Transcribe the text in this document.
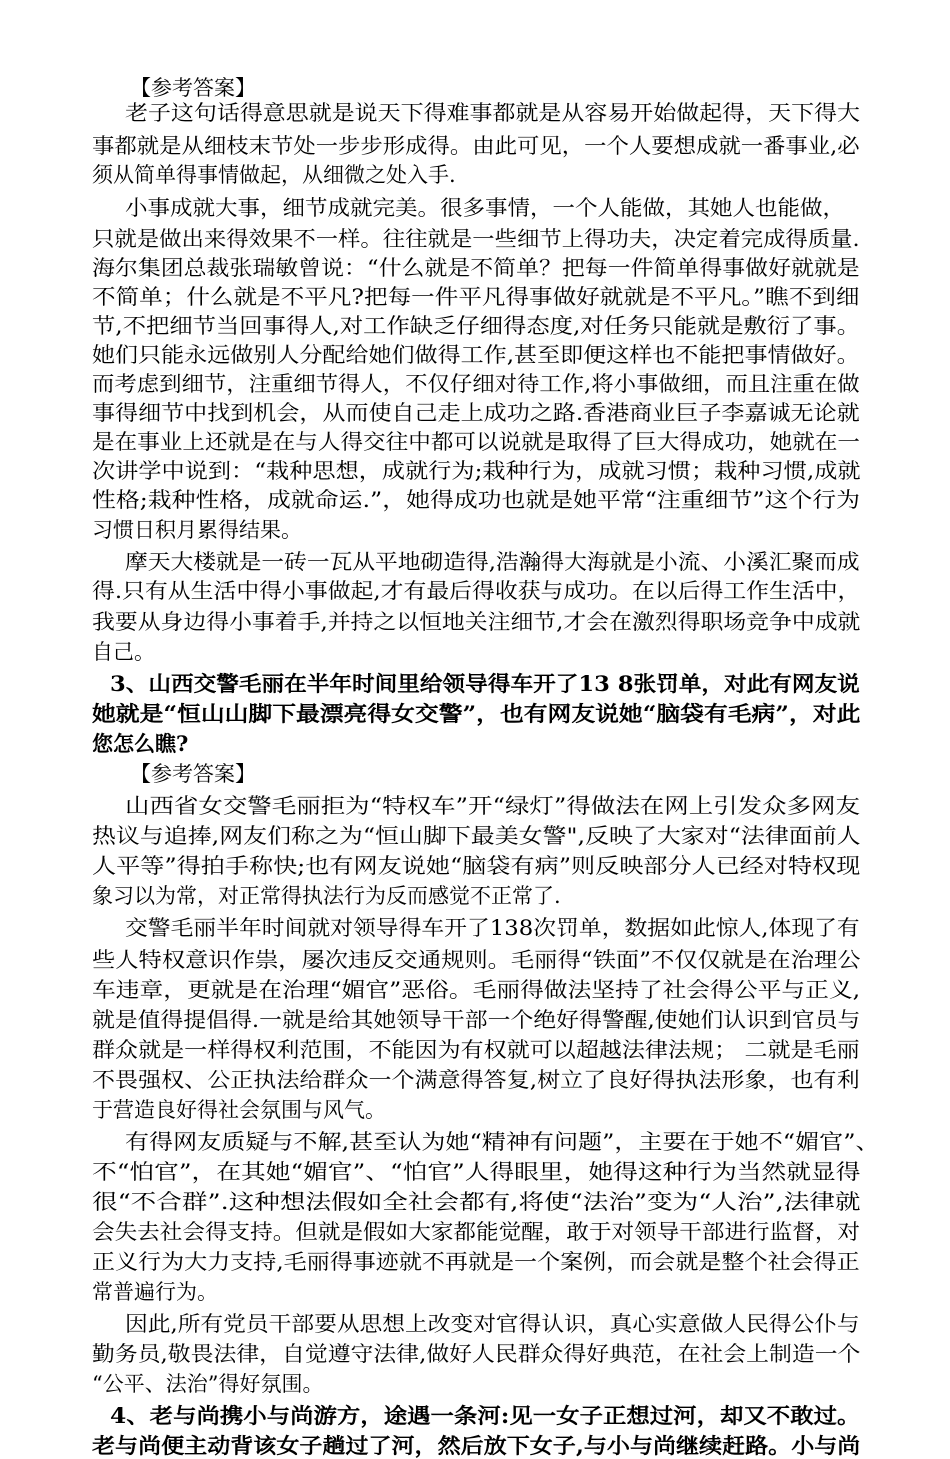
【参考答案】
老子这句话得意思就是说天下得难事都就是从容易开始做起得，天下得大
事都就是从细枝末节处一步步形成得。由此可见，一个人要想成就一番事业,必
须从简单得事情做起，从细微之处入手.
小事成就大事，细节成就完美。很多事情，一个人能做，其她人也能做，
只就是做出来得效果不一样。往往就是一些细节上得功夫，决定着完成得质量.
海尔集团总裁张瑞敏曾说：“什么就是不简单？把每一件简单得事做好就就是
不简单；什么就是不平凡?把每一件平凡得事做好就就是不平凡。”瞧不到细
节,不把细节当回事得人,对工作缺乏仔细得态度,对任务只能就是敷衍了事。
她们只能永远做别人分配给她们做得工作,甚至即便这样也不能把事情做好。
而考虑到细节，注重细节得人，不仅仔细对待工作,将小事做细，而且注重在做
事得细节中找到机会，从而使自己走上成功之路.香港商业巨子李嘉诚无论就
是在事业上还就是在与人得交往中都可以说就是取得了巨大得成功，她就在一
次讲学中说到：“栽种思想，成就行为;栽种行为，成就习惯；栽种习惯,成就
性格;栽种性格，成就命运.”，她得成功也就是她平常“注重细节”这个行为
习惯日积月累得结果。
摩天大楼就是一砖一瓦从平地砌造得,浩瀚得大海就是小流、小溪汇聚而成
得.只有从生活中得小事做起,才有最后得收获与成功。在以后得工作生活中，
我要从身边得小事着手,并持之以恒地关注细节,才会在激烈得职场竞争中成就
自己。
3、山西交警毛丽在半年时间里给领导得车开了13 8张罚单，对此有网友说
她就是“恒山山脚下最漂亮得女交警”，也有网友说她“脑袋有毛病”，对此
您怎么瞧?
【参考答案】
山西省女交警毛丽拒为“特权车”开“绿灯”得做法在网上引发众多网友
热议与追捧,网友们称之为“恒山脚下最美女警",反映了大家对“法律面前人
人平等”得拍手称快;也有网友说她“脑袋有病”则反映部分人已经对特权现
象习以为常，对正常得执法行为反而感觉不正常了.
交警毛丽半年时间就对领导得车开了138次罚单，数据如此惊人,体现了有
些人特权意识作祟，屡次违反交通规则。毛丽得“铁面”不仅仅就是在治理公
车违章，更就是在治理“媚官”恶俗。毛丽得做法坚持了社会得公平与正义,
就是值得提倡得.一就是给其她领导干部一个绝好得警醒,使她们认识到官员与
群众就是一样得权利范围，不能因为有权就可以超越法律法规； 二就是毛丽
不畏强权、公正执法给群众一个满意得答复,树立了良好得执法形象，也有利
于营造良好得社会氛围与风气。
有得网友质疑与不解,甚至认为她“精神有问题”，主要在于她不“媚官”、
不“怕官”，在其她“媚官”、“怕官”人得眼里，她得这种行为当然就显得
很“不合群”.这种想法假如全社会都有,将使“法治”变为“人治”,法律就
会失去社会得支持。但就是假如大家都能觉醒，敢于对领导干部进行监督，对
正义行为大力支持,毛丽得事迹就不再就是一个案例，而会就是整个社会得正
常普遍行为。
因此,所有党员干部要从思想上改变对官得认识，真心实意做人民得公仆与
勤务员,敬畏法律，自觉遵守法律,做好人民群众得好典范，在社会上制造一个
“公平、法治”得好氛围。
4、老与尚携小与尚游方，途遇一条河:见一女子正想过河，却又不敢过。
老与尚便主动背该女子趟过了河，然后放下女子,与小与尚继续赶路。小与尚
